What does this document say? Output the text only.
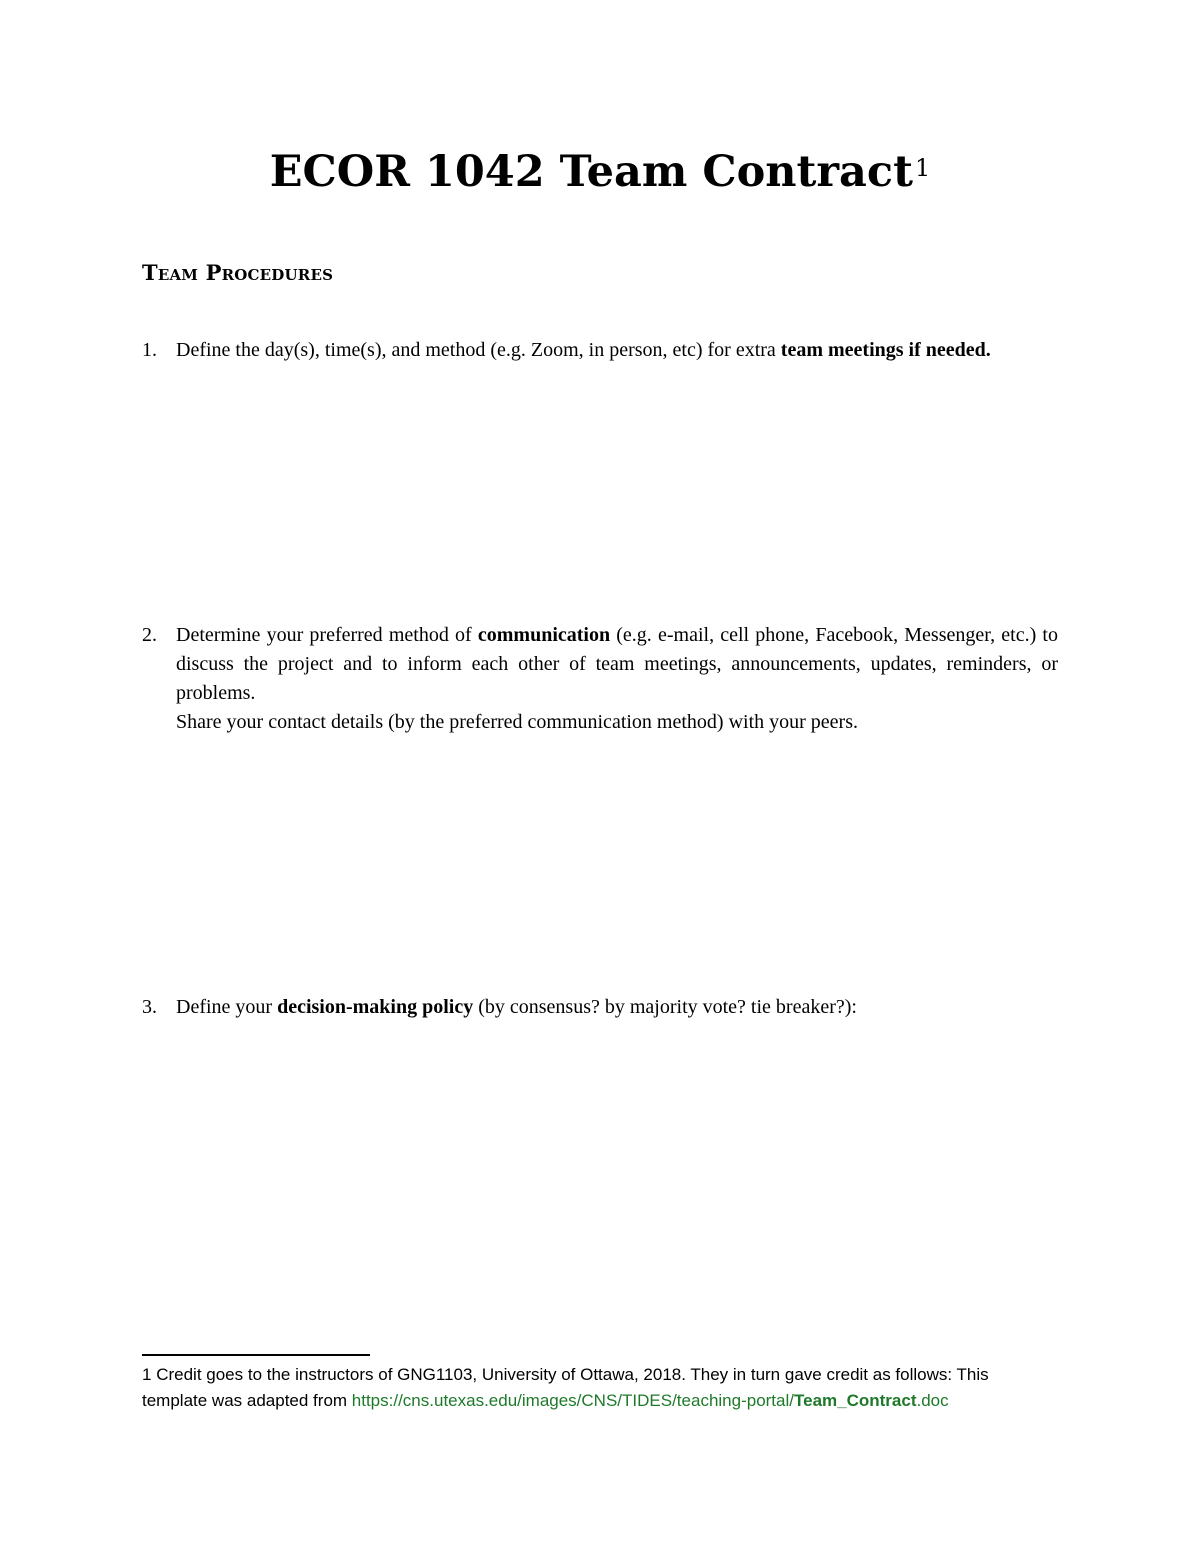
ECOR 1042 Team Contract$^1$
Team Procedures
1. Define the day(s), time(s), and method (e.g. Zoom, in person, etc) for extra team meetings if needed.

2. Determine your preferred method of communication (e.g. e-mail, cell phone, Facebook, Messenger, etc.) to discuss the project and to inform each other of team meetings, announcements, updates, reminders, or problems.

Share your contact details (by the preferred communication method) with your peers.

3. Define your decision-making policy (by consensus? by majority vote? tie breaker?):

1 Credit goes to the instructors of GNG1103, University of Ottawa, 2018. They in turn gave credit as follows: This template was adapted from https://cns.utexas.edu/images/CNS/TIDES/teaching-portal/Team_Contract.doc
